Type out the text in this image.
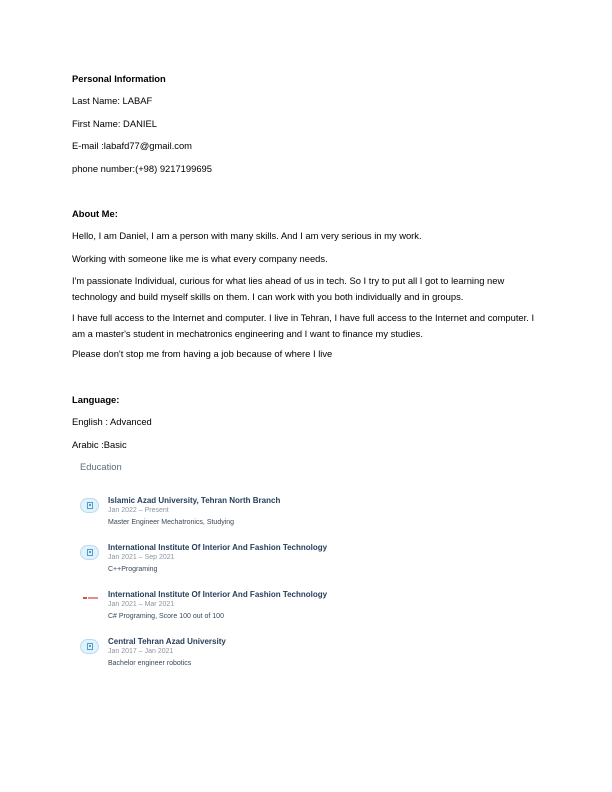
Personal Information
Last Name: LABAF
First Name: DANIEL
E-mail :labafd77@gmail.com
phone number:(+98) 9217199695
About Me:
Hello, I am Daniel, I am a person with many skills. And I am very serious in my work.
Working with someone like me is what every company needs.
I'm passionate Individual, curious for what lies ahead of us in tech. So I try to put all I got to learning new technology and build myself skills on them. I can work with you both individually and in groups.
I have full access to the Internet and computer. I live in Tehran, I have full access to the Internet and computer. I am a master's student in mechatronics engineering and I want to finance my studies.
Please don't stop me from having a job because of where I live
Language:
English : Advanced
Arabic :Basic
Education
Islamic Azad University, Tehran North Branch
Jan 2022 – Present
Master Engineer Mechatronics, Studying
International Institute Of Interior And Fashion Technology
Jan 2021 – Sep 2021
C++Programing
International Institute Of Interior And Fashion Technology
Jan 2021 – Mar 2021
C# Programing, Score 100 out of 100
Central Tehran Azad University
Jan 2017 – Jan 2021
Bachelor engineer robotics
